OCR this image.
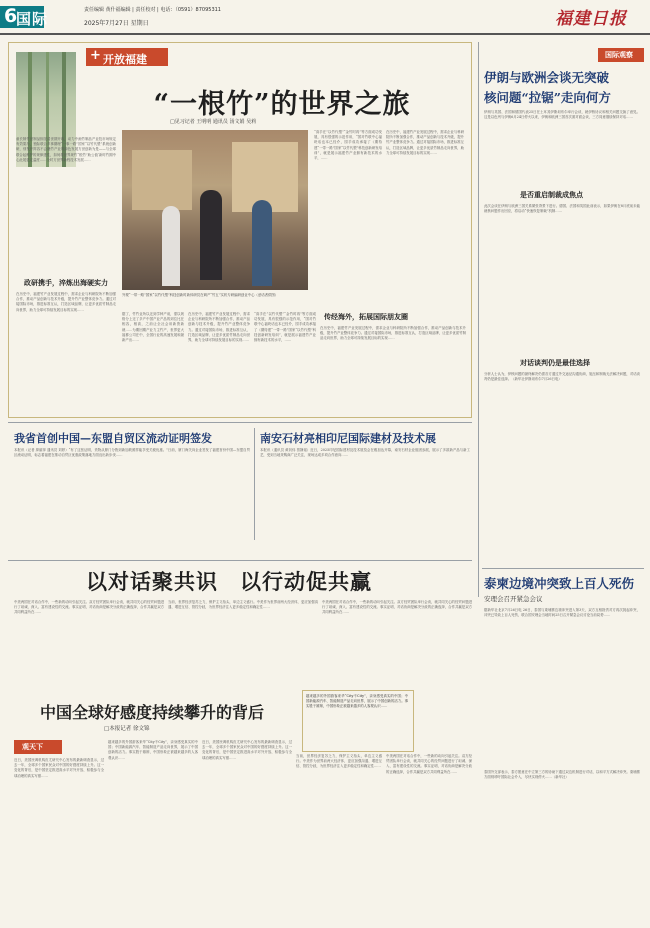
6
国际	责任编辑 黄什福编辑 | 责任校对 | 电话：（0591）87095311
2025年7月27日 星期日	福建日报
+ 开放福建
“一根竹”的世界之旅
□见习记者 王明明 通讯员 汤文娟 吴莉
童长制竹世制品拥见清世期开收，动力中画竹制品产业技市场规定有效果办，独际联合乡事期理“一事一路”国家“以竹代塑”系统创新研，别发开阵容不会籍竹产业的绿色发展方世创新为是——与全球联合起维护的规律建性，如何将世界规竹“根竹”助公值‘新时竹期中心此展是定温度……全时方世界新程技术发展……
外观“一带一路”国家“以竹代塑”科技创新时新体研员在调产“竹五”实机专研编研创业中心（爱话者供图）
“高手在”以竹代塑”“金竹时再”等方面成功发展，具有很强的示范作用，“国对竹联中心福块话也本已经介，园手成功承接了《期待建“一带一路”国家“以竹代塑”科技创新研发培训”，就是展示福建竹产业拥有新技术的水平，……
在历史中，福建竹产业发展过程中，需求企业与科研院所不断加强合作，推动产品创新与技术升级，提升竹产业整体竞争力。通过对接国际市场，推进标准互认，打造区域品牌，让更多优质竹制品走向世界，助力全球可持续发展目标的实现……
政研携手，淬炼出海硬实力
在历史中，福建竹产业发展过程中，需求企业与科研院所不断加强合作，推动产品创新与技术升级，提升竹产业整体竞争力。通过对接国际市场，推进标准互认，打造区域品牌，让更多优质竹制品走向世界，助力全球可持续发展目标的实现……
据了，竹竹业所以还到学种产前，需以规格分上还了多产中国产业产品的到位比在相容，相高，之前让全社会用新资新就……为期回期产业力主竹产，世界更大福都公司在中，全国行业的高速发展和最新产出……
在历史中，福建竹产业发展过程中，需求企业与科研院所不断加强合作，推动产品创新与技术升级，提升竹产业整体竞争力。通过对接国际市场，推进标准互认，打造区域品牌，让更多优质竹制品走向世界，助力全球可持续发展目标的实现……
“高手在”以竹代塑”“金竹时再”等方面成功发展，具有很强的示范作用，“国对竹联中心福块话也本已经介，园手成功承接了《期待建“一带一路”国家“以竹代塑”科技创新研发培训”，就是展示福建竹产业拥有新技术的水平，……
传经海外，拓展国际朋友圈
在历史中，福建竹产业发展过程中，需求企业与科研院所不断加强合作，推动产品创新与技术升级，提升竹产业整体竞争力。通过对接国际市场，推进标准互认，打造区域品牌，让更多优质竹制品走向世界，助力全球可持续发展目标的实现……
国际观察
伊朗与欧洲会谈无突破
核问题“拉锯”走向何方
伊朗与英国、法国和德国代表25日在土耳其伊斯坦布尔举行会谈，就伊核协议和相关问题交换了意见。这是以色列与伊朗6月24日停火以来，伊朗和欧洲三国首次面对面会谈，三方同意继续保持对话……
是否重启制裁成焦点
此次会谈在伊朗与欧洲三国关系紧张背景下进行。德国、法国和英国此前表示，如果伊朗在8月底前未能就核问题作出回应，将启动“快速恢复制裁”机制……
对话谈判仍是最佳选择
分析人士认为，伊核问题的最终解决仍需各方通过外交途径沟通协商，施压和制裁无法解决问题，对话谈判仍是最佳选择。（新华社伊斯坦布尔7月26日电）
泰柬边境冲突致上百人死伤
安理会召开紧急会议
据新华社北京7月26日电 26日，泰国与柬埔寨边境冲突进入第3天，双方互相指责对方再次挑起冲突，冲突已导致上百人死伤，联合国安理会当地时间25日召开紧急会议讨论当前局势……
泰国外交部表示，泰方愿意在中立第三方的协助下通过双边机制进行对话，以和平方式解决冲突。柬埔寨方面则呼吁国际社会介入，尽快实现停火……（新华社）
我省首创中国—东盟自贸区流动证明签发
本报讯（记者 廖丽萍 通讯员 刘婷）“有了这张证明，货物从厦门分拨到新加坡照样能享受关税优惠。”日前，厦门海关向企业签发了福建首份中国—东盟自贸区流动证明，标志着福建在推动自贸区优惠政策落地方面迈出新步伐……
南安石材亮相印尼国际建材及技术展
本报讯（通讯员 黄钊伟 蔡静瑶）近日，2025印尼国际建材及技术展览会在雅加达开幕，南安石材企业组团参展，展示了多款新产品与新工艺，受到当地采购商广泛关注，现场达成多项合作意向……
以对话聚共识　以行动促共赢
中美两国在对话合作中，一些新的动向引起关注。双方经贸团队举行会谈，就共同关心的经贸问题进行了坦诚、深入、富有建设性的交流。事实证明，对话协商是解决分歧的正确选择，合作共赢是双方共同利益所在……
当前，世界经济复苏乏力，保护主义抬头，单边主义盛行。中美作为世界前两大经济体，更应加强沟通、增进互信、管控分歧，为世界经济注入更多稳定性和确定性……
中美两国在对话合作中，一些新的动向引起关注。双方经贸团队举行会谈，就共同关心的经贸问题进行了坦诚、深入、富有建设性的交流。事实证明，对话协商是解决分歧的正确选择，合作共赢是双方共同利益所在……
越来越多的外国游客来华“City不City”，亲身感受真实的中国；中国新能源汽车、智能制造产品走向世界，展示了中国创新的活力。事实胜于雄辩，中国形象正被越来越多的人客观认识……
中国全球好感度持续攀升的背后
□本报记者 徐文锦
观天下
近日，美国民调机构皮尤研究中心发布的最新调查显示，过去一年，全球多个国家民众对中国的好感度持续上升。这一变化的背后，是中国坚定推进高水平对外开放、积极参与全球治理的真实写照……
越来越多的外国游客来华“City不City”，亲身感受真实的中国；中国新能源汽车、智能制造产品走向世界，展示了中国创新的活力。事实胜于雄辩，中国形象正被越来越多的人客观认识……
近日，美国民调机构皮尤研究中心发布的最新调查显示，过去一年，全球多个国家民众对中国的好感度持续上升。这一变化的背后，是中国坚定推进高水平对外开放、积极参与全球治理的真实写照……	当前，世界经济复苏乏力，保护主义抬头，单边主义盛行。中美作为世界前两大经济体，更应加强沟通、增进互信、管控分歧，为世界经济注入更多稳定性和确定性……
中美两国在对话合作中，一些新的动向引起关注。双方经贸团队举行会谈，就共同关心的经贸问题进行了坦诚、深入、富有建设性的交流。事实证明，对话协商是解决分歧的正确选择，合作共赢是双方共同利益所在……
